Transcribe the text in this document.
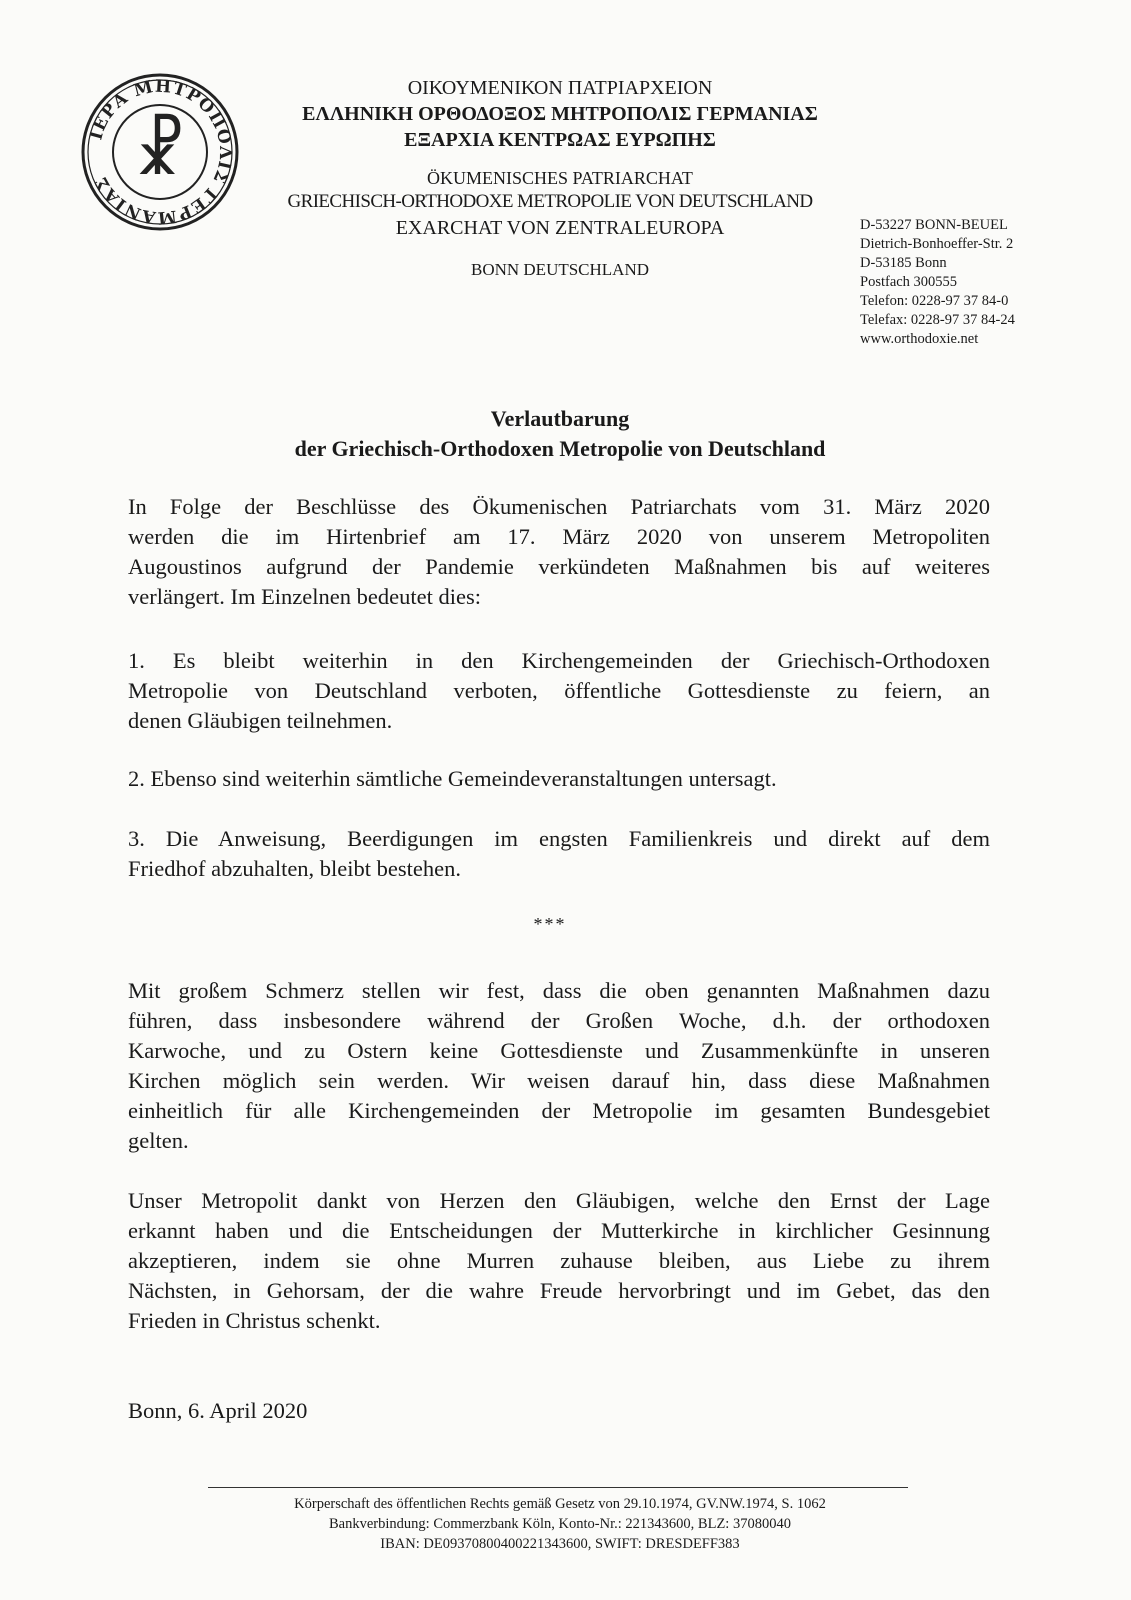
ΙΕΡΑ ΜΗΤΡΟΠΟΛΙΣ ΓΕΡΜΑΝΙΑΣ ☧
ΟΙΚΟΥΜΕΝΙΚΟΝ ΠΑΤΡΙΑΡΧΕΙΟΝ
ΕΛΛΗΝΙΚΗ ΟΡΘΟΔΟΞΟΣ ΜΗΤΡΟΠΟΛΙΣ ΓΕΡΜΑΝΙΑΣ
ΕΞΑΡΧΙΑ ΚΕΝΤΡΩΑΣ ΕΥΡΩΠΗΣ
ÖKUMENISCHES PATRIARCHAT
GRIECHISCH-ORTHODOXE METROPOLIE VON DEUTSCHLAND
EXARCHAT VON ZENTRALEUROPA
BONN DEUTSCHLAND
D-53227 BONN-BEUEL
Dietrich-Bonhoeffer-Str. 2
D-53185 Bonn
Postfach 300555
Telefon: 0228-97 37 84-0
Telefax: 0228-97 37 84-24
www.orthodoxie.net
Verlautbarung
der Griechisch-Orthodoxen Metropolie von Deutschland
In Folge der Beschlüsse des Ökumenischen Patriarchats vom 31. März 2020
werden die im Hirtenbrief am 17. März 2020 von unserem Metropoliten
Augoustinos aufgrund der Pandemie verkündeten Maßnahmen bis auf weiteres
verlängert. Im Einzelnen bedeutet dies:
1. Es bleibt weiterhin in den Kirchengemeinden der Griechisch-Orthodoxen
Metropolie von Deutschland verboten, öffentliche Gottesdienste zu feiern, an
denen Gläubigen teilnehmen.
2. Ebenso sind weiterhin sämtliche Gemeindeveranstaltungen untersagt.
3. Die Anweisung, Beerdigungen im engsten Familienkreis und direkt auf dem
Friedhof abzuhalten, bleibt bestehen.
***
Mit großem Schmerz stellen wir fest, dass die oben genannten Maßnahmen dazu
führen, dass insbesondere während der Großen Woche, d.h. der orthodoxen
Karwoche, und zu Ostern keine Gottesdienste und Zusammenkünfte in unseren
Kirchen möglich sein werden. Wir weisen darauf hin, dass diese Maßnahmen
einheitlich für alle Kirchengemeinden der Metropolie im gesamten Bundesgebiet
gelten.
Unser Metropolit dankt von Herzen den Gläubigen, welche den Ernst der Lage
erkannt haben und die Entscheidungen der Mutterkirche in kirchlicher Gesinnung
akzeptieren, indem sie ohne Murren zuhause bleiben, aus Liebe zu ihrem
Nächsten, in Gehorsam, der die wahre Freude hervorbringt und im Gebet, das den
Frieden in Christus schenkt.
Bonn, 6. April 2020
Körperschaft des öffentlichen Rechts gemäß Gesetz von 29.10.1974, GV.NW.1974, S. 1062
Bankverbindung: Commerzbank Köln, Konto-Nr.: 221343600, BLZ: 37080040
IBAN: DE09370800400221343600, SWIFT: DRESDEFF383
